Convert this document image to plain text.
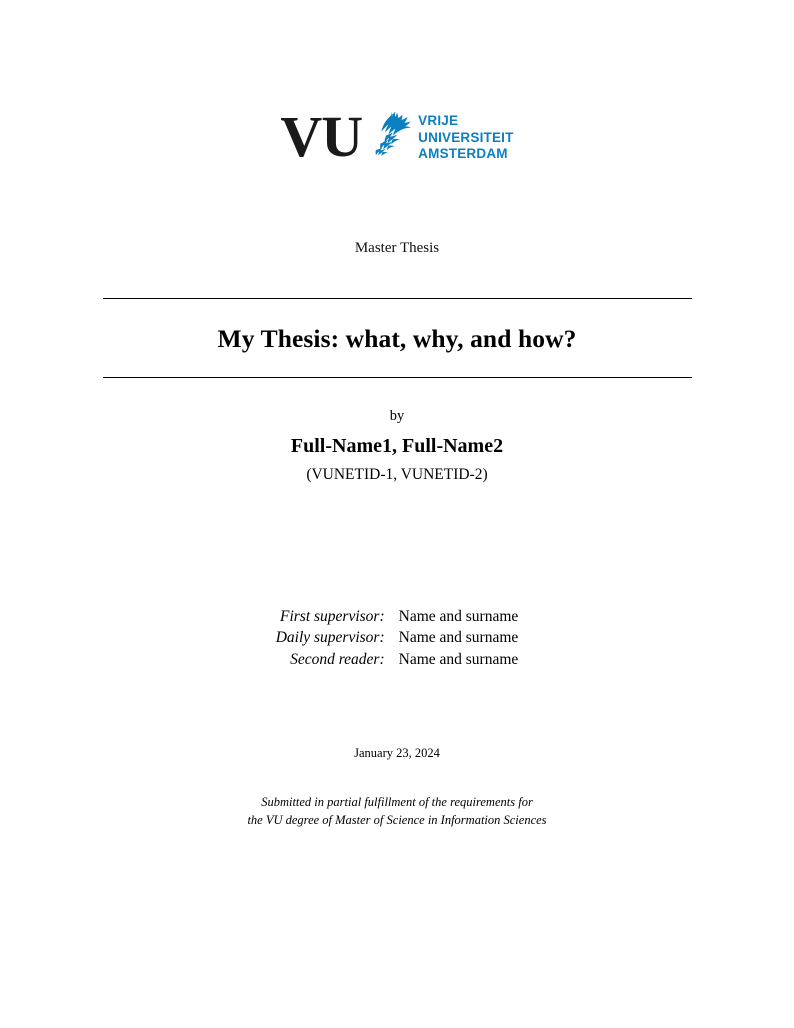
VU	VRIJE
UNIVERSITEIT
AMSTERDAM
Master Thesis
My Thesis: what, why, and how?
by
Full-Name1, Full-Name2
(VUNETID-1, VUNETID-2)
First supervisor:	Name and surname
Daily supervisor:	Name and surname
Second reader:	Name and surname
January 23, 2024
Submitted in partial fulfillment of the requirements for
the VU degree of Master of Science in Information Sciences
